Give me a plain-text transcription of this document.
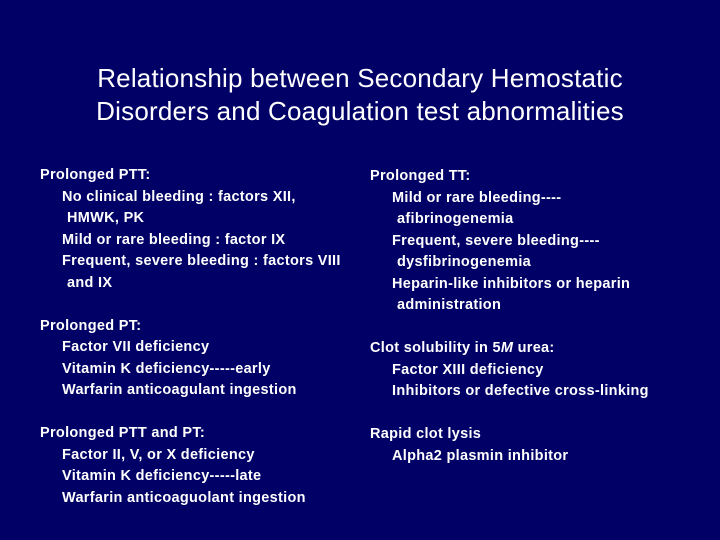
Relationship between Secondary Hemostatic
Disorders and Coagulation test abnormalities
Prolonged PTT:
No clinical bleeding : factors XII,
HMWK, PK
Mild or rare bleeding : factor IX
Frequent, severe bleeding : factors VIII
and IX
Prolonged PT:
Factor VII deficiency
Vitamin K deficiency-----early
Warfarin anticoagulant ingestion
Prolonged PTT and PT:
Factor II, V, or X deficiency
Vitamin K deficiency-----late
Warfarin anticoaguolant ingestion
Prolonged TT:
Mild or rare bleeding----
afibrinogenemia
Frequent, severe bleeding----
dysfibrinogenemia
Heparin-like inhibitors or heparin
administration
Clot solubility in 5M urea:
Factor XIII deficiency
Inhibitors or defective cross-linking
Rapid clot lysis
Alpha2 plasmin inhibitor
